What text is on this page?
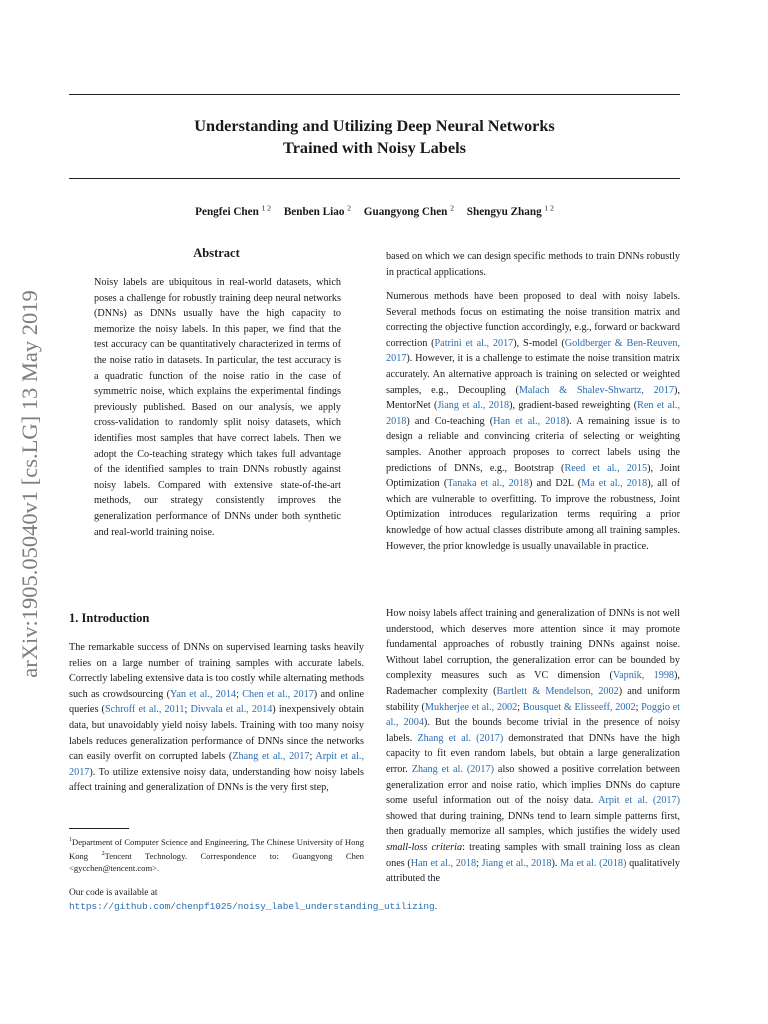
Understanding and Utilizing Deep Neural Networks
Trained with Noisy Labels
Pengfei Chen $^{1 2}$ Benben Liao $^2$ Guangyong Chen $^2$ Shengyu Zhang $^{1 2}$
arXiv:1905.05040v1 [cs.LG] 13 May 2019
Abstract

Noisy labels are ubiquitous in real-world datasets, which poses a challenge for robustly training deep neural networks (DNNs) as DNNs usually have the high capacity to memorize the noisy labels. In this paper, we find that the test accuracy can be quantitatively characterized in terms of the noise ratio in datasets. In particular, the test accuracy is a quadratic function of the noise ratio in the case of symmetric noise, which explains the experimental findings previously published. Based on our analysis, we apply cross-validation to randomly split noisy datasets, which identifies most samples that have correct labels. Then we adopt the Co-teaching strategy which takes full advantage of the identified samples to train DNNs robustly against noisy labels. Compared with extensive state-of-the-art methods, our strategy consistently improves the generalization performance of DNNs under both synthetic and real-world training noise.

1. Introduction

The remarkable success of DNNs on supervised learning tasks heavily relies on a large number of training samples with accurate labels. Correctly labeling extensive data is too costly while alternating methods such as crowdsourcing (Yan et al., 2014; Chen et al., 2017) and online queries (Schroff et al., 2011; Divvala et al., 2014) inexpensively obtain data, but unavoidably yield noisy labels. Training with too many noisy labels reduces generalization performance of DNNs since the networks can easily overfit on corrupted labels (Zhang et al., 2017; Arpit et al., 2017). To utilize extensive noisy data, understanding how noisy labels affect training and generalization of DNNs is the very first step,

$^1$Department of Computer Science and Engineering, The Chinese University of Hong Kong $^2$Tencent Technology. Correspondence to: Guangyong Chen <gycchen@tencent.com>.
Our code is available at https://github.com/chenpf1025/noisy_label_understanding_utilizing.

based on which we can design specific methods to train DNNs robustly in practical applications.

Numerous methods have been proposed to deal with noisy labels. Several methods focus on estimating the noise transition matrix and correcting the objective function accordingly, e.g., forward or backward correction (Patrini et al., 2017), S-model (Goldberger & Ben-Reuven, 2017). However, it is a challenge to estimate the noise transition matrix accurately. An alternative approach is training on selected or weighted samples, e.g., Decoupling (Malach & Shalev-Shwartz, 2017), MentorNet (Jiang et al., 2018), gradient-based reweighting (Ren et al., 2018) and Co-teaching (Han et al., 2018). A remaining issue is to design a reliable and convincing criteria of selecting or weighting samples. Another approach proposes to correct labels using the predictions of DNNs, e.g., Bootstrap (Reed et al., 2015), Joint Optimization (Tanaka et al., 2018) and D2L (Ma et al., 2018), all of which are vulnerable to overfitting. To improve the robustness, Joint Optimization introduces regularization terms requiring a prior knowledge of how actual classes distribute among all training samples. However, the prior knowledge is usually unavailable in practice.

How noisy labels affect training and generalization of DNNs is not well understood, which deserves more attention since it may promote fundamental approaches of robustly training DNNs against noise. Without label corruption, the generalization error can be bounded by complexity measures such as VC dimension (Vapnik, 1998), Rademacher complexity (Bartlett & Mendelson, 2002) and uniform stability (Mukherjee et al., 2002; Bousquet & Elisseeff, 2002; Poggio et al., 2004). But the bounds become trivial in the presence of noisy labels. Zhang et al. (2017) demonstrated that DNNs have the high capacity to fit even random labels, but obtain a large generalization error. Zhang et al. (2017) also showed a positive correlation between generalization error and noise ratio, which implies DNNs do capture some useful information out of the noisy data. Arpit et al. (2017) showed that during training, DNNs tend to learn simple patterns first, then gradually memorize all samples, which justifies the widely used small-loss criteria: treating samples with small training loss as clean ones (Han et al., 2018; Jiang et al., 2018). Ma et al. (2018) qualitatively attributed the
